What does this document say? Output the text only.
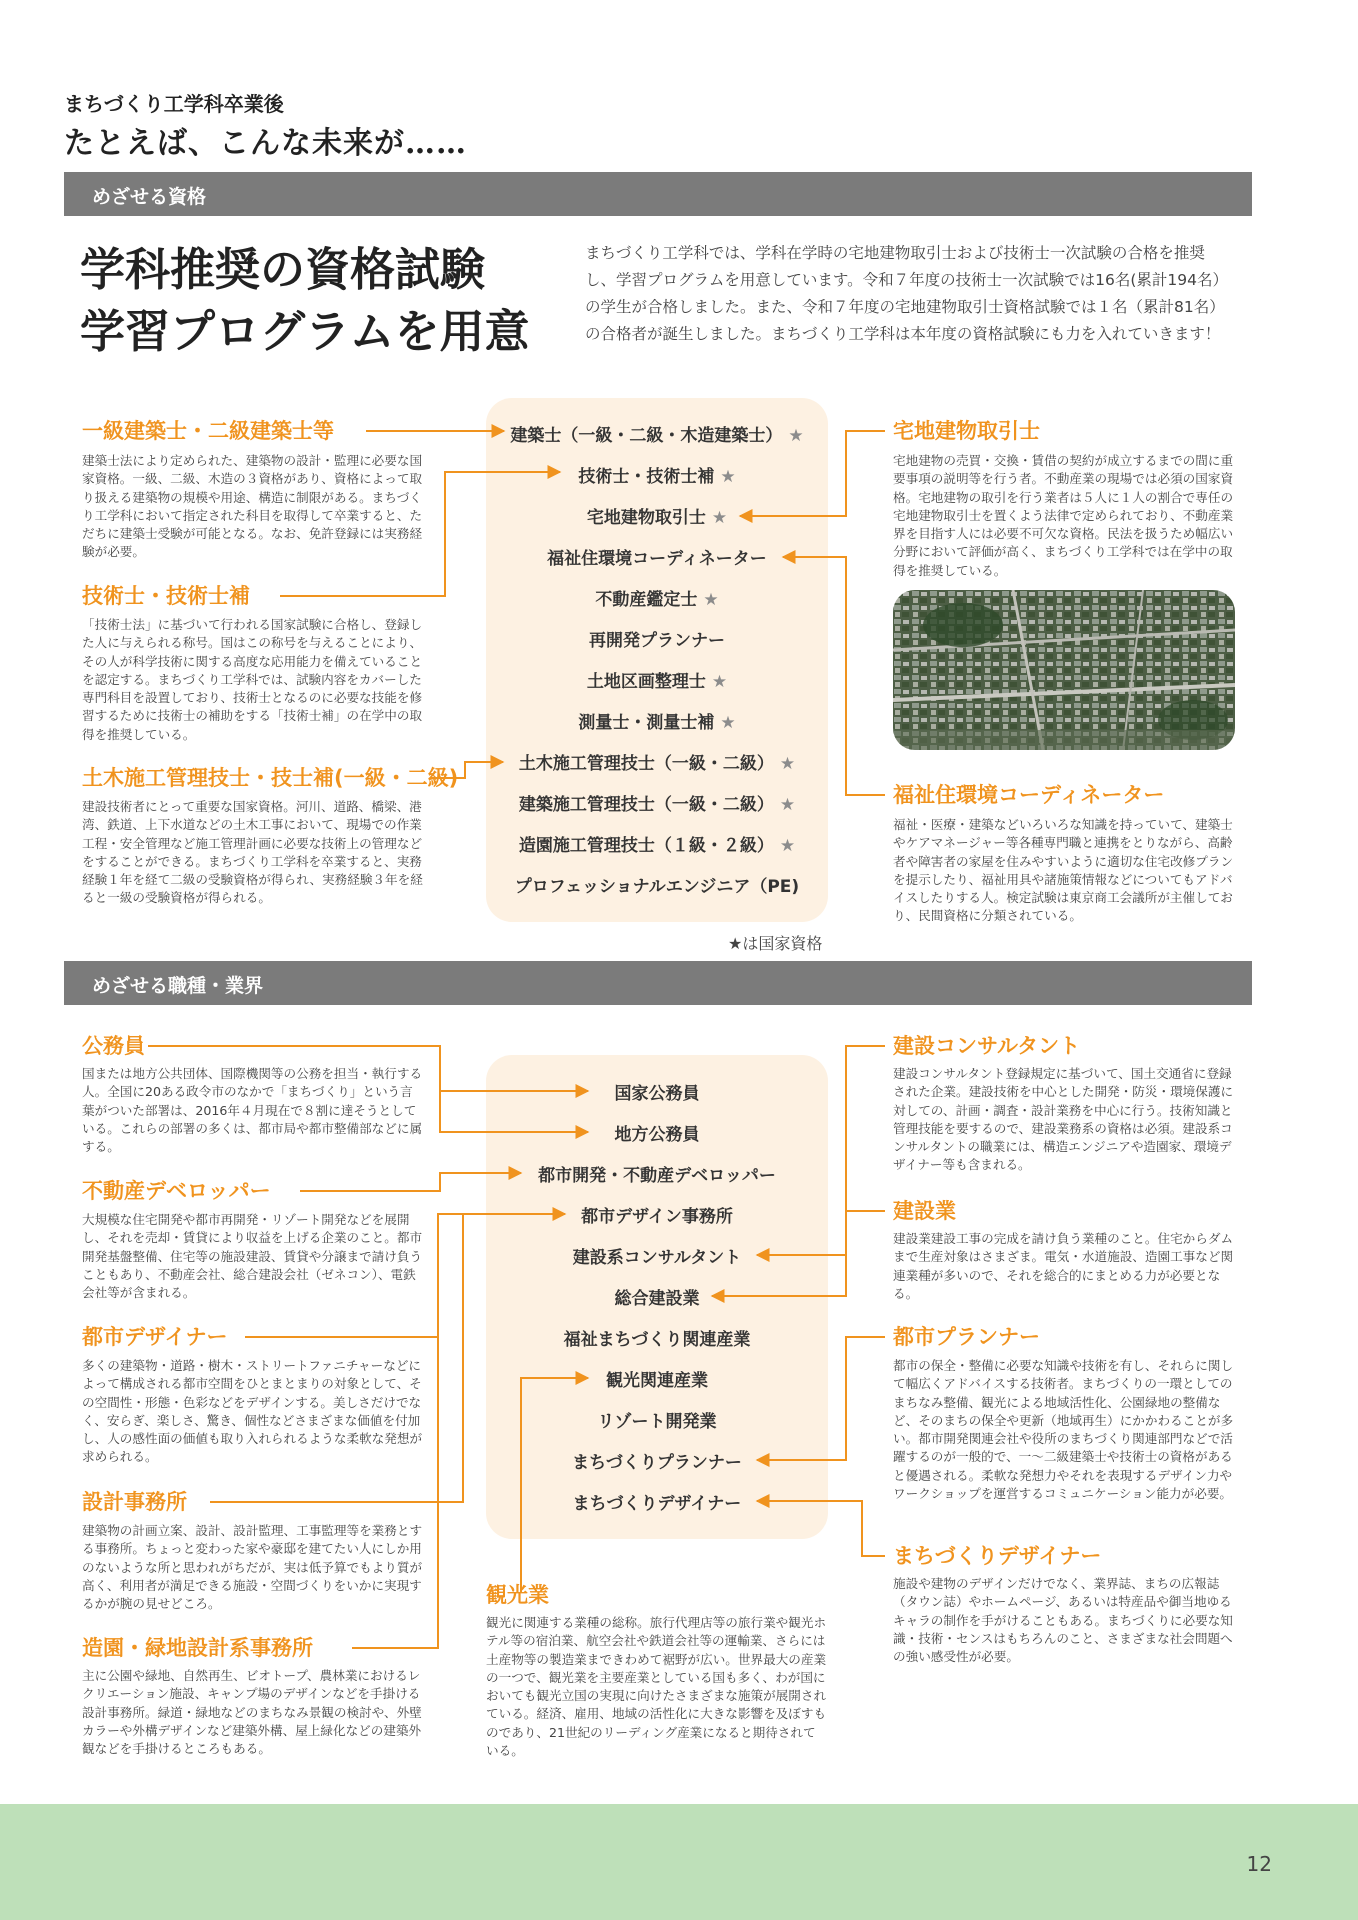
まちづくり工学科卒業後
たとえば、こんな未来が……
めざせる資格
学科推奨の資格試験
学習プログラムを用意
まちづくり工学科では、学科在学時の宅地建物取引士および技術士一次試験の合格を推奨し、学習プログラムを用意しています。令和７年度の技術士一次試験では16名(累計194名）の学生が合格しました。また、令和７年度の宅地建物取引士資格試験では１名（累計81名）の合格者が誕生しました。まちづくり工学科は本年度の資格試験にも力を入れていきます！
一級建築士・二級建築士等
建築士法により定められた、建築物の設計・監理に必要な国家資格。一級、二級、木造の３資格があり、資格によって取り扱える建築物の規模や用途、構造に制限がある。まちづくり工学科において指定された科目を取得して卒業すると、ただちに建築士受験が可能となる。なお、免許登録には実務経験が必要。
技術士・技術士補
「技術士法」に基づいて行われる国家試験に合格し、登録した人に与えられる称号。国はこの称号を与えることにより、その人が科学技術に関する高度な応用能力を備えていることを認定する。まちづくり工学科では、試験内容をカバーした専門科目を設置しており、技術士となるのに必要な技能を修習するために技術士の補助をする「技術士補」の在学中の取得を推奨している。
土木施工管理技士・技士補(一級・二級)
建設技術者にとって重要な国家資格。河川、道路、橋梁、港湾、鉄道、上下水道などの土木工事において、現場での作業工程・安全管理など施工管理計画に必要な技術上の管理などをすることができる。まちづくり工学科を卒業すると、実務経験１年を経て二級の受験資格が得られ、実務経験３年を経ると一級の受験資格が得られる。
宅地建物取引士
宅地建物の売買・交換・賃借の契約が成立するまでの間に重要事項の説明等を行う者。不動産業の現場では必須の国家資格。宅地建物の取引を行う業者は５人に１人の割合で専任の宅地建物取引士を置くよう法律で定められており、不動産業界を目指す人には必要不可欠な資格。民法を扱うため幅広い分野において評価が高く、まちづくり工学科では在学中の取得を推奨している。
福祉住環境コーディネーター
福祉・医療・建築などいろいろな知識を持っていて、建築士やケアマネージャー等各種専門職と連携をとりながら、高齢者や障害者の家屋を住みやすいように適切な住宅改修プランを提示したり、福祉用具や諸施策情報などについてもアドバイスしたりする人。検定試験は東京商工会議所が主催しており、民間資格に分類されている。
建築士（一級・二級・木造建築士） ★
技術士・技術士補 ★
宅地建物取引士 ★
福祉住環境コーディネーター
不動産鑑定士 ★
再開発プランナー
土地区画整理士 ★
測量士・測量士補 ★
土木施工管理技士（一級・二級） ★
建築施工管理技士（一級・二級） ★
造園施工管理技士（１級・２級） ★
プロフェッショナルエンジニア（PE)
★は国家資格
めざせる職種・業界
公務員
国または地方公共団体、国際機関等の公務を担当・執行する人。全国に20ある政令市のなかで「まちづくり」という言葉がついた部署は、2016年４月現在で８割に達そうとしている。これらの部署の多くは、都市局や都市整備部などに属する。
不動産デベロッパー
大規模な住宅開発や都市再開発・リゾート開発などを展開し、それを売却・賃貸により収益を上げる企業のこと。都市開発基盤整備、住宅等の施設建設、賃貸や分譲まで請け負うこともあり、不動産会社、総合建設会社（ゼネコン）、電鉄会社等が含まれる。
都市デザイナー
多くの建築物・道路・樹木・ストリートファニチャーなどによって構成される都市空間をひとまとまりの対象として、その空間性・形態・色彩などをデザインする。美しさだけでなく、安らぎ、楽しさ、驚き、個性などさまざまな価値を付加し、人の感性面の価値も取り入れられるような柔軟な発想が求められる。
設計事務所
建築物の計画立案、設計、設計監理、工事監理等を業務とする事務所。ちょっと変わった家や豪邸を建てたい人にしか用のないような所と思われがちだが、実は低予算でもより質が高く、利用者が満足できる施設・空間づくりをいかに実現するかが腕の見せどころ。
造園・緑地設計系事務所
主に公園や緑地、自然再生、ビオトープ、農林業におけるレクリエーション施設、キャンプ場のデザインなどを手掛ける設計事務所。緑道・緑地などのまちなみ景観の検討や、外壁カラーや外構デザインなど建築外構、屋上緑化などの建築外観などを手掛けるところもある。
観光業
観光に関連する業種の総称。旅行代理店等の旅行業や観光ホテル等の宿泊業、航空会社や鉄道会社等の運輸業、さらには土産物等の製造業まできわめて裾野が広い。世界最大の産業の一つで、観光業を主要産業としている国も多く、わが国においても観光立国の実現に向けたさまざまな施策が展開されている。経済、雇用、地域の活性化に大きな影響を及ぼすものであり、21世紀のリーディング産業になると期待されている。
建設コンサルタント
建設コンサルタント登録規定に基づいて、国土交通省に登録された企業。建設技術を中心とした開発・防災・環境保護に対しての、計画・調査・設計業務を中心に行う。技術知識と管理技能を要するので、建設業務系の資格は必須。建設系コンサルタントの職業には、構造エンジニアや造園家、環境デザイナー等も含まれる。
建設業
建設業建設工事の完成を請け負う業種のこと。住宅からダムまで生産対象はさまざま。電気・水道施設、造園工事など関連業種が多いので、それを総合的にまとめる力が必要となる。
都市プランナー
都市の保全・整備に必要な知識や技術を有し、それらに関して幅広くアドバイスする技術者。まちづくりの一環としてのまちなみ整備、観光による地域活性化、公園緑地の整備など、そのまちの保全や更新（地域再生）にかかわることが多い。都市開発関連会社や役所のまちづくり関連部門などで活躍するのが一般的で、一〜二級建築士や技術士の資格があると優遇される。柔軟な発想力やそれを表現するデザイン力やワークショップを運営するコミュニケーション能力が必要。
まちづくりデザイナー
施設や建物のデザインだけでなく、業界誌、まちの広報誌（タウン誌）やホームページ、あるいは特産品や御当地ゆるキャラの制作を手がけることもある。まちづくりに必要な知識・技術・センスはもちろんのこと、さまざまな社会問題への強い感受性が必要。
国家公務員
地方公務員
都市開発・不動産デベロッパー
都市デザイン事務所
建設系コンサルタント
総合建設業
福祉まちづくり関連産業
観光関連産業
リゾート開発業
まちづくりプランナー
まちづくりデザイナー
12
